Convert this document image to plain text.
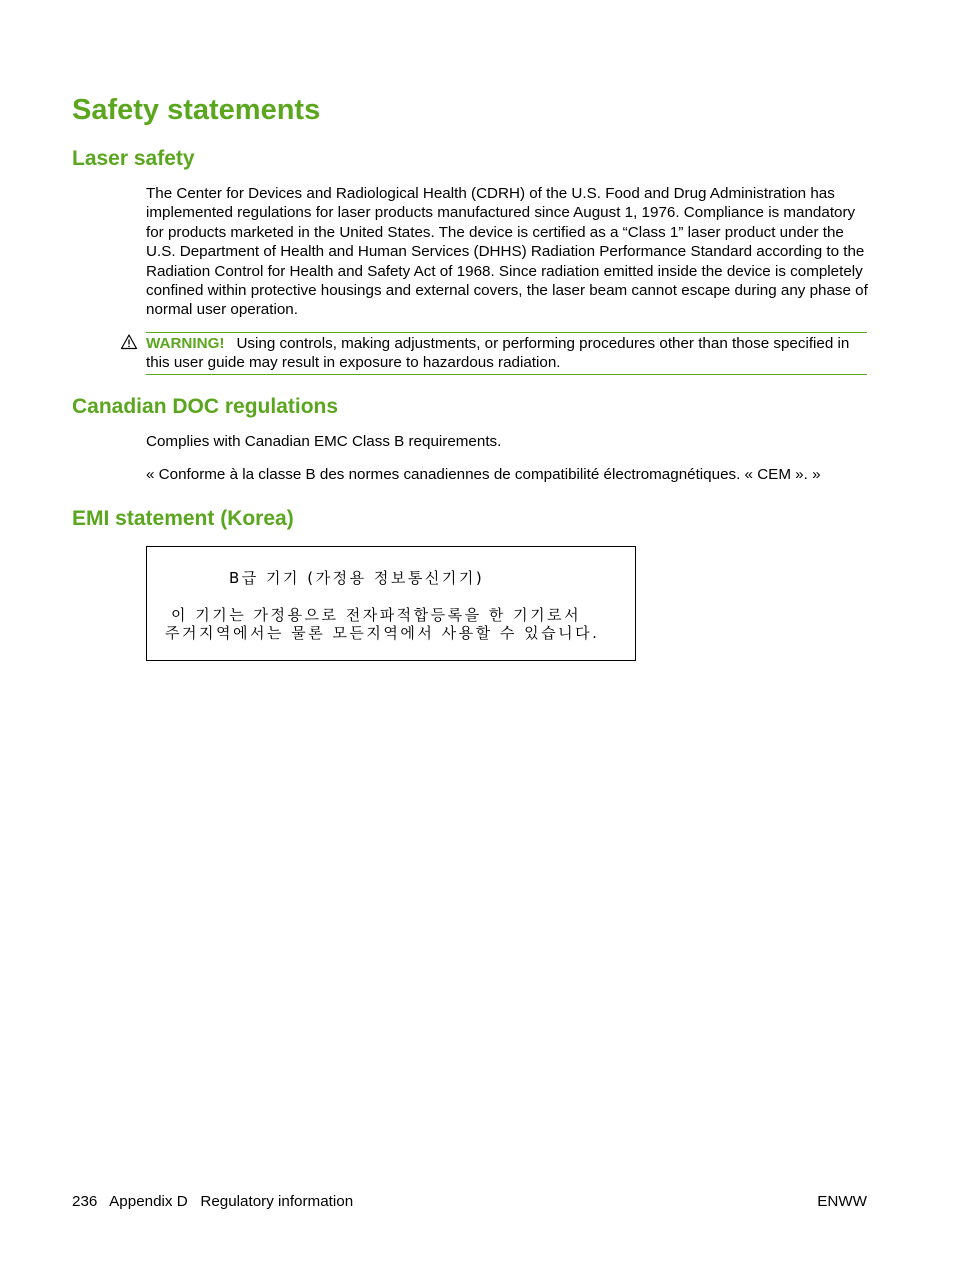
Safety statements
Laser safety

The Center for Devices and Radiological Health (CDRH) of the U.S. Food and Drug Administration has implemented regulations for laser products manufactured since August 1, 1976. Compliance is mandatory for products marketed in the United States. The device is certified as a “Class 1” laser product under the U.S. Department of Health and Human Services (DHHS) Radiation Performance Standard according to the Radiation Control for Health and Safety Act of 1968. Since radiation emitted inside the device is completely confined within protective housings and external covers, the laser beam cannot escape during any phase of normal user operation.

WARNING! Using controls, making adjustments, or performing procedures other than those specified in this user guide may result in exposure to hazardous radiation.
Canadian DOC regulations

Complies with Canadian EMC Class B requirements.

« Conforme à la classe B des normes canadiennes de compatibilité électromagnétiques. « CEM ». »

EMI statement (Korea)
B급 기기 (가정용 정보통신기기)
이 기기는 가정용으로 전자파적합등록을 한 기기로서
주거지역에서는 물론 모든지역에서 사용할 수 있습니다.
236 Appendix D   Regulatory information	ENWW
